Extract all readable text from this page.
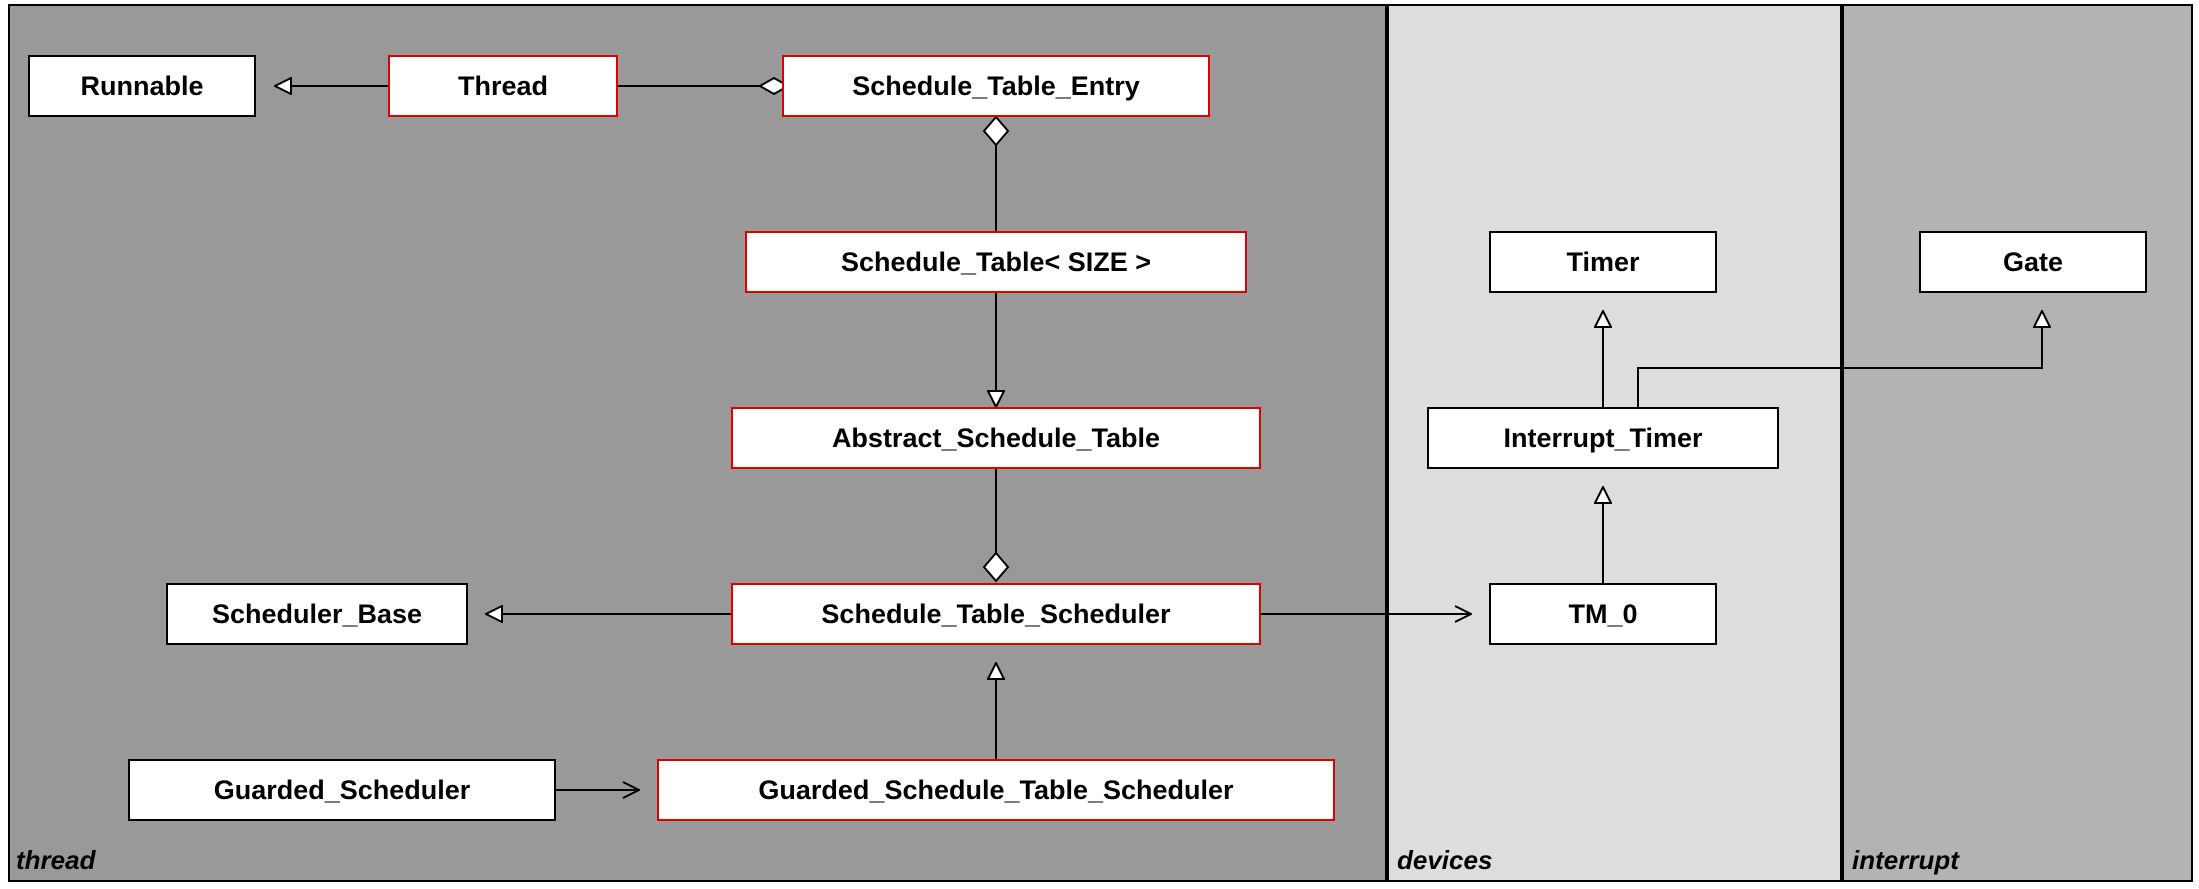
thread	devices	interrupt
Runnable	Thread	Schedule_Table_Entry
Schedule_Table< SIZE >
Abstract_Schedule_Table
Scheduler_Base	Schedule_Table_Scheduler
Guarded_Scheduler	Guarded_Schedule_Table_Scheduler
Timer
Interrupt_Timer
TM_0
Gate
